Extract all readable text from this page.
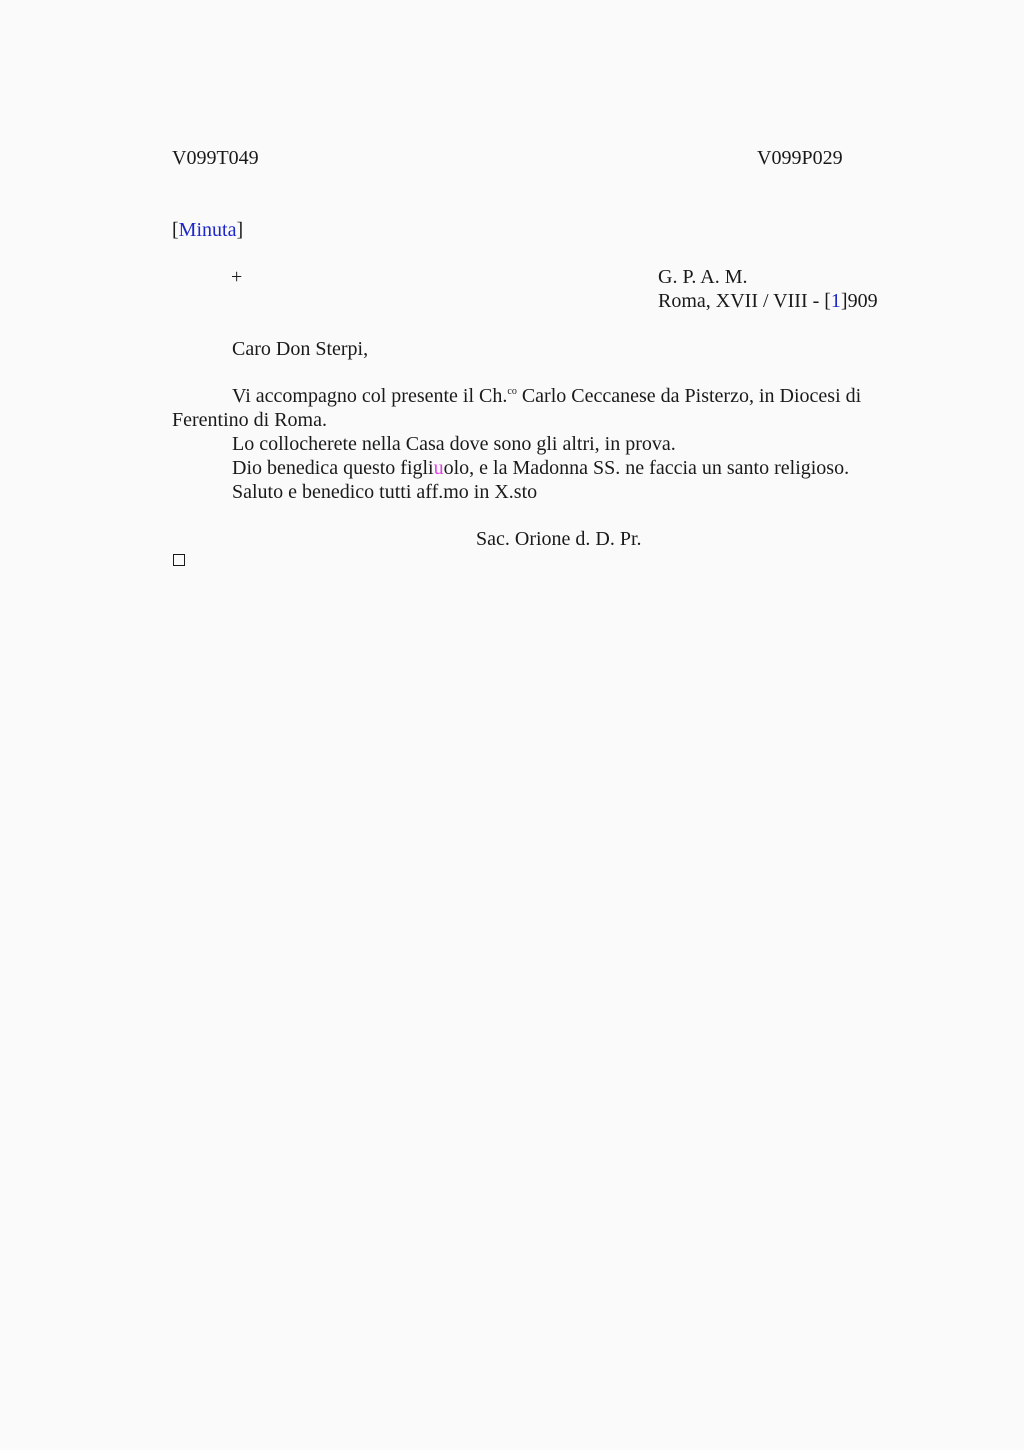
V099T049	V099P029
[Minuta]
+	G. P. A. M.
Roma, XVII / VIII - [1]909
Caro Don Sterpi,
Vi accompagno col presente il Ch.$^{co}$ Carlo Ceccanese da Pisterzo, in Diocesi di
Ferentino di Roma.
Lo collocherete nella Casa dove sono gli altri, in prova.
Dio benedica questo figliuolo, e la Madonna SS. ne faccia un santo religioso.
Saluto e benedico tutti aff.mo in X.sto
Sac. Orione d. D. Pr.
